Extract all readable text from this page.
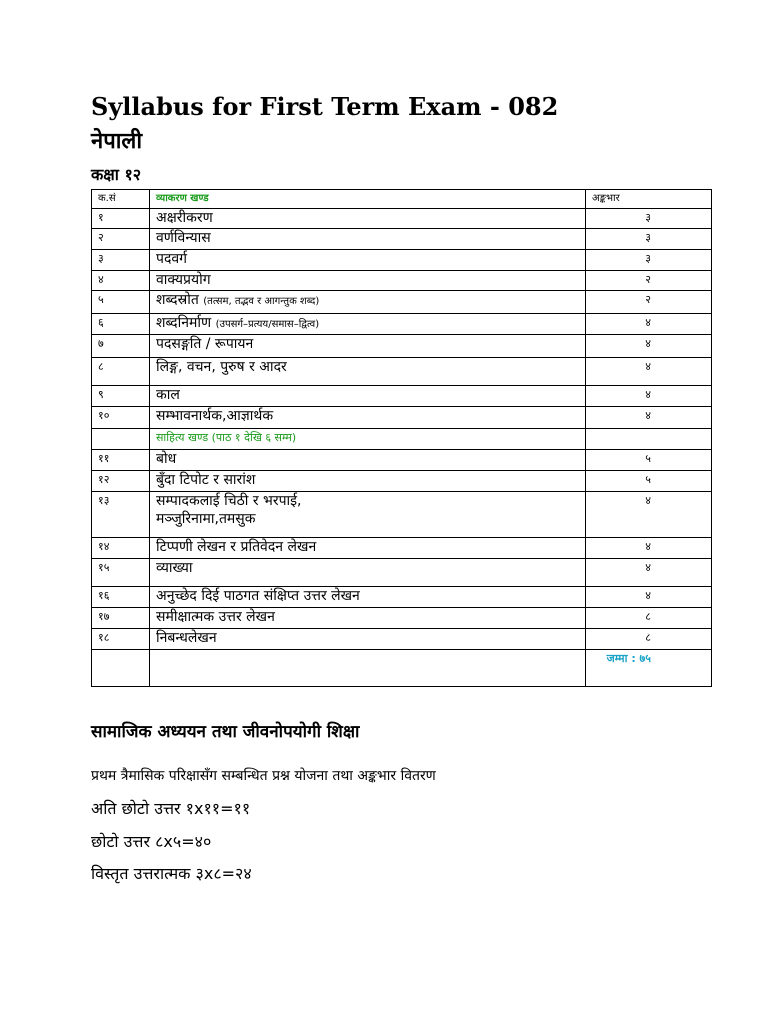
Syllabus for First Term Exam - 082
नेपाली
कक्षा १२
क.सं	व्याकरण खण्ड	अङ्कभार
१	अक्षरीकरण	३
२	वर्णविन्यास	३
३	पदवर्ग	३
४	वाक्यप्रयोग	२
५	शब्दस्रोत (तत्सम, तद्भव र आगन्तुक शब्द)	२
६	शब्दनिर्माण (उपसर्ग–प्रत्यय/समास–द्वित्व)	४
७	पदसङ्गति / रूपायन	४
८	लिङ्ग, वचन, पुरुष र आदर	४
९	काल	४
१०	सम्भावनार्थक,आज्ञार्थक	४
	साहित्य खण्ड (पाठ १ देखि ६ सम्म)	
११	बोध	५
१२	बुँदा टिपोट र सारांश	५
१३	सम्पादकलाई चिठी र भरपाई,
मञ्जुरिनामा,तमसुक	४
१४	टिप्पणी लेखन र प्रतिवेदन लेखन	४
१५	व्याख्या	४
१६	अनुच्छेद दिई पाठगत संक्षिप्त उत्तर लेखन	४
१७	समीक्षात्मक उत्तर लेखन	८
१८	निबन्धलेखन	८
		जम्मा : ७५
सामाजिक अध्ययन तथा जीवनोपयोगी शिक्षा
प्रथम त्रैमासिक परिक्षासँग सम्बन्धित प्रश्न योजना तथा अङ्कभार वितरण
अति छोटो उत्तर १x११=११
छोटो उत्तर ८x५=४०
विस्तृत उत्तरात्मक ३x८=२४
